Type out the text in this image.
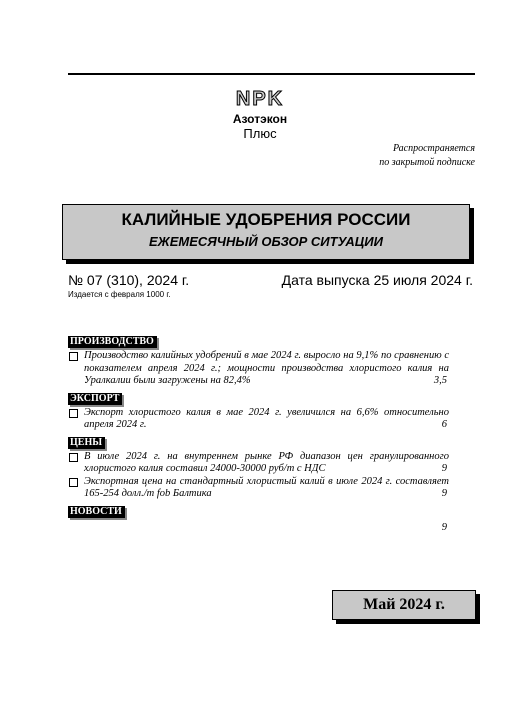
NPK
Азотэкон
Плюс
Распространяется
по закрытой подписке
КАЛИЙНЫЕ УДОБРЕНИЯ РОССИИ
ЕЖЕМЕСЯЧНЫЙ ОБЗОР СИТУАЦИИ
№ 07 (310), 2024 г.	Дата выпуска 25 июля 2024 г.
Издается с февраля 1000 г.
ПРОИЗВОДСТВО
Производство калийных удобрений в мае 2024 г. выросло на 9,1% по сравнению с показателем апреля 2024 г.; мощности производства хлористого калия на Уралкалии были загружены на 82,4%	3,5
ЭКСПОРТ
Экспорт хлористого калия в мае 2024 г. увеличился на 6,6% относительно апреля 2024 г.	6
ЦЕНЫ
В июле 2024 г. на внутреннем рынке РФ диапазон цен гранулированного хлористого калия составил 24000-30000 руб/т с НДС	9
Экспортная цена на стандартный хлористый калий в июле 2024 г. составляет 165-254 долл./т fob Балтика	9
НОВОСТИ
9
Май 2024 г.
